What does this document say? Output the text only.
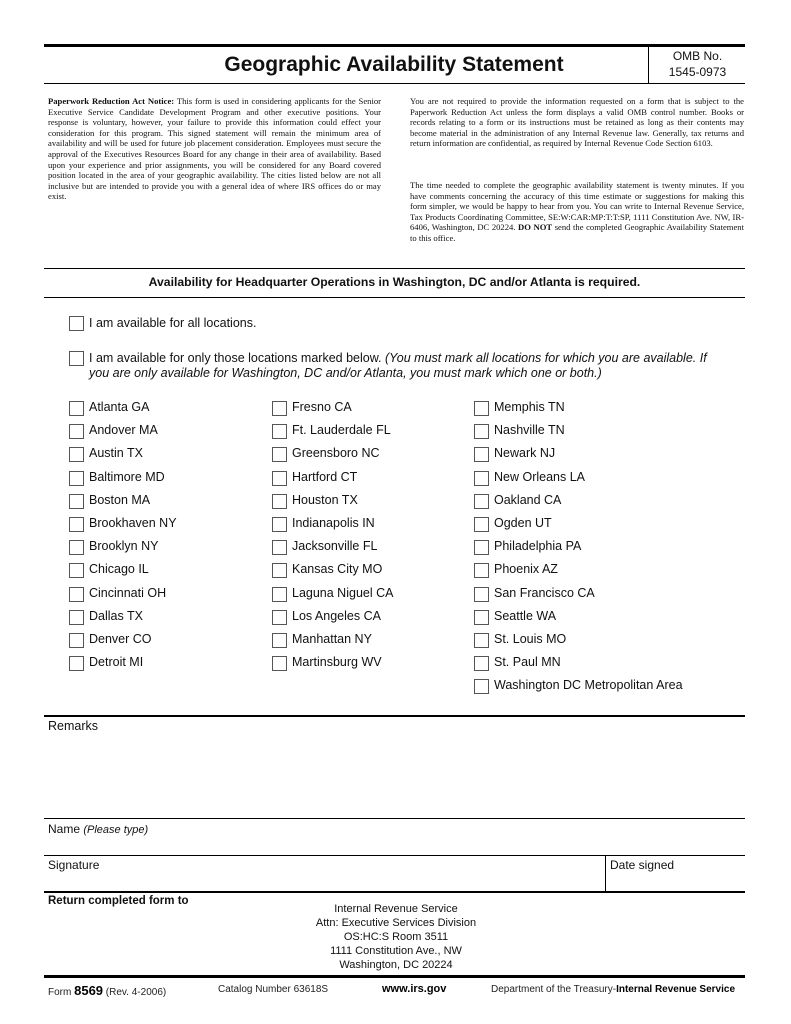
Geographic Availability Statement	OMB No.
1545-0973
Paperwork Reduction Act Notice: This form is used in considering applicants for the Senior Executive Service Candidate Development Program and other executive positions. Your response is voluntary, however, your failure to provide this information could effect your consideration for this program. This signed statement will remain the minimum area of availability and will be used for future job placement consideration. Employees must secure the approval of the Executives Resources Board for any change in their area of availability. Based upon your experience and prior assignments, you will be considered for any Board covered position located in the area of your geographic availability. The cities listed below are not all inclusive but are intended to provide you with a general idea of where IRS offices do or may exist.
You are not required to provide the information requested on a form that is subject to the Paperwork Reduction Act unless the form displays a valid OMB control number. Books or records relating to a form or its instructions must be retained as long as their contents may become material in the administration of any Internal Revenue law. Generally, tax returns and return information are confidential, as required by Internal Revenue Code Section 6103.
The time needed to complete the geographic availability statement is twenty minutes. If you have comments concerning the accuracy of this time estimate or suggestions for making this form simpler, we would be happy to hear from you. You can write to Internal Revenue Service, Tax Products Coordinating Committee, SE:W:CAR:MP:T:T:SP, 1111 Constitution Ave. NW, IR-6406, Washington, DC 20224. DO NOT send the completed Geographic Availability Statement to this office.
Availability for Headquarter Operations in Washington, DC and/or Atlanta is required.
I am available for all locations.
I am available for only those locations marked below. (You must mark all locations for which you are available. If you are only available for Washington, DC and/or Atlanta, you must mark which one or both.)
Atlanta GA
Andover MA
Austin TX
Baltimore MD
Boston MA
Brookhaven NY
Brooklyn NY
Chicago IL
Cincinnati OH
Dallas TX
Denver CO
Detroit MI
Fresno CA
Ft. Lauderdale FL
Greensboro NC
Hartford CT
Houston TX
Indianapolis IN
Jacksonville FL
Kansas City MO
Laguna Niguel CA
Los Angeles CA
Manhattan NY
Martinsburg WV
Memphis TN
Nashville TN
Newark NJ
New Orleans LA
Oakland CA
Ogden UT
Philadelphia PA
Phoenix AZ
San Francisco CA
Seattle WA
St. Louis MO
St. Paul MN
Washington DC Metropolitan Area
Remarks
Name (Please type)
Signature	Date signed
Return completed form to
Internal Revenue Service
Attn: Executive Services Division
OS:HC:S Room 3511
1111 Constitution Ave., NW
Washington, DC 20224
Form 8569 (Rev. 4-2006)	Catalog Number 63618S	www.irs.gov	Department of the Treasury-Internal Revenue Service
